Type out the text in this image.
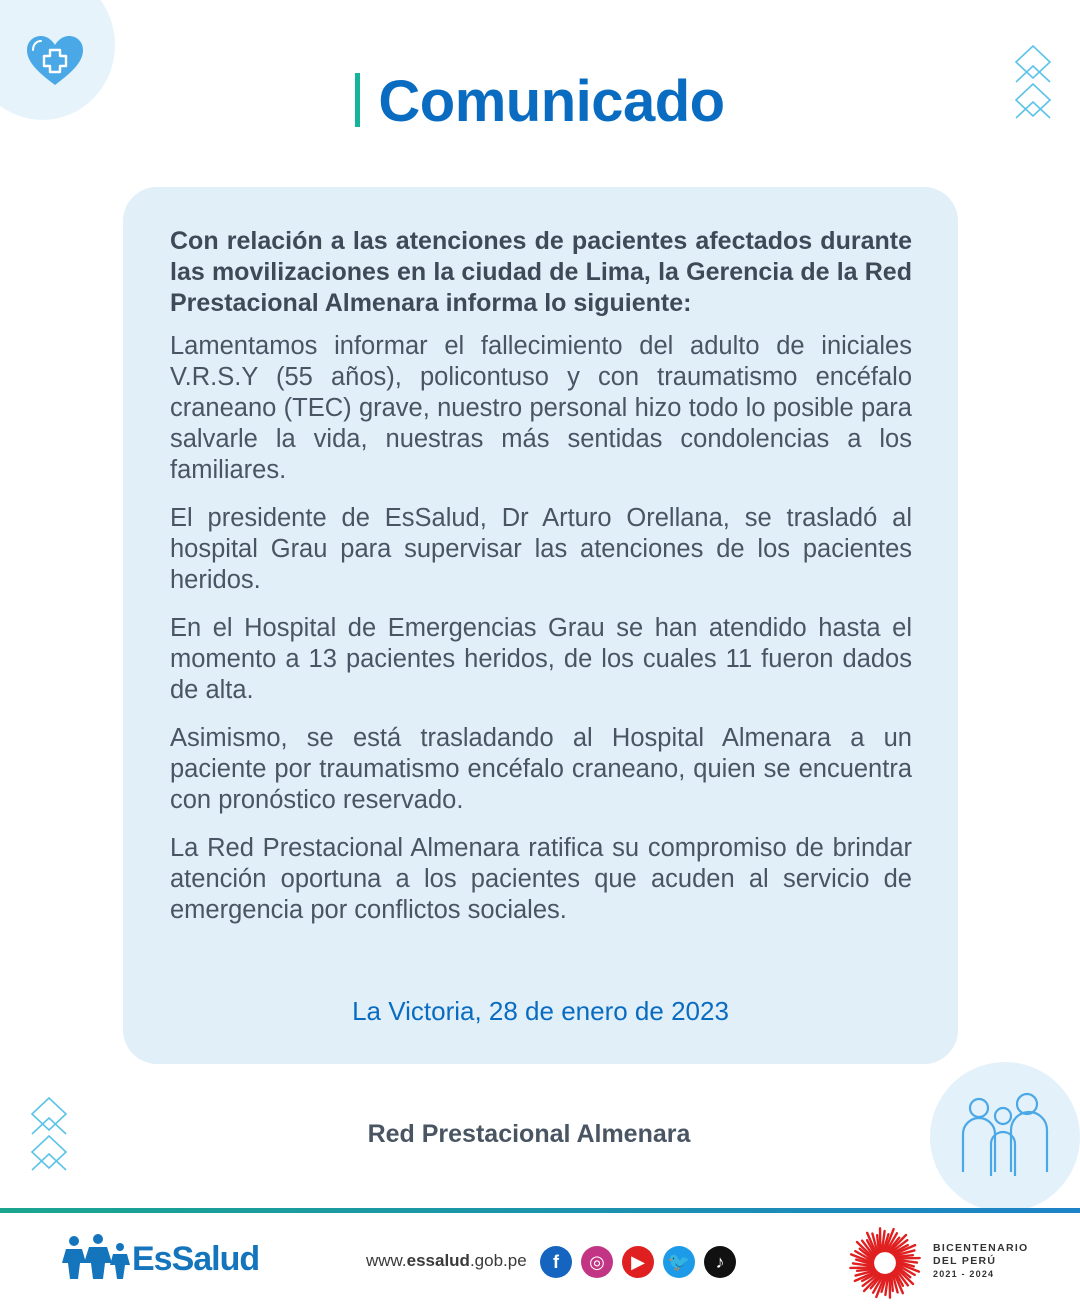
Comunicado

Con relación a las atenciones de pacientes afectados durante las movilizaciones en la ciudad de Lima, la Gerencia de la Red Prestacional Almenara informa lo siguiente:

Lamentamos informar el fallecimiento del adulto de iniciales V.R.S.Y (55 años), policontuso y con traumatismo encéfalo craneano (TEC) grave, nuestro personal hizo todo lo posible para salvarle la vida, nuestras más sentidas condolencias a los familiares.

El presidente de EsSalud, Dr Arturo Orellana, se trasladó al hospital Grau para supervisar las atenciones de los pacientes heridos.

En el Hospital de Emergencias Grau se han atendido hasta el momento a 13 pacientes heridos, de los cuales 11 fueron dados de alta.

Asimismo, se está trasladando al Hospital Almenara a un paciente por traumatismo encéfalo craneano, quien se encuentra con pronóstico reservado.

La Red Prestacional Almenara ratifica su compromiso de brindar atención oportuna a los pacientes que acuden al servicio de emergencia por conflictos sociales.

La Victoria, 28 de enero de 2023
Red Prestacional Almenara
EsSalud	www.essalud.gob.pe	f	◎	▶	🐦	♪
BICENTENARIO
DEL PERÚ
2021 - 2024
